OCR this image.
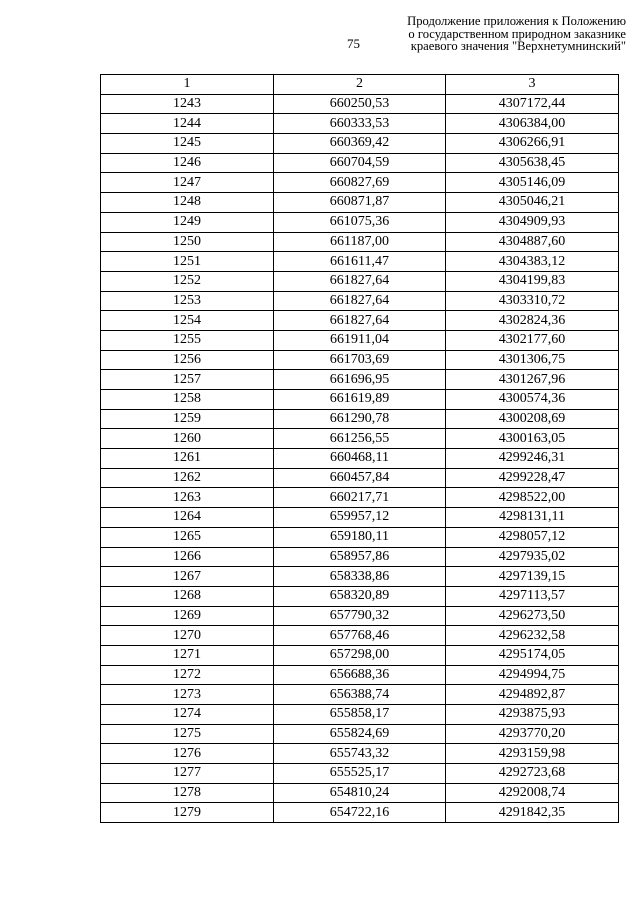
75
Продолжение приложения к Положению
о государственном природном заказнике
краевого значения "Верхнетумнинский"
1	2	3
1243	660250,53	4307172,44
1244	660333,53	4306384,00
1245	660369,42	4306266,91
1246	660704,59	4305638,45
1247	660827,69	4305146,09
1248	660871,87	4305046,21
1249	661075,36	4304909,93
1250	661187,00	4304887,60
1251	661611,47	4304383,12
1252	661827,64	4304199,83
1253	661827,64	4303310,72
1254	661827,64	4302824,36
1255	661911,04	4302177,60
1256	661703,69	4301306,75
1257	661696,95	4301267,96
1258	661619,89	4300574,36
1259	661290,78	4300208,69
1260	661256,55	4300163,05
1261	660468,11	4299246,31
1262	660457,84	4299228,47
1263	660217,71	4298522,00
1264	659957,12	4298131,11
1265	659180,11	4298057,12
1266	658957,86	4297935,02
1267	658338,86	4297139,15
1268	658320,89	4297113,57
1269	657790,32	4296273,50
1270	657768,46	4296232,58
1271	657298,00	4295174,05
1272	656688,36	4294994,75
1273	656388,74	4294892,87
1274	655858,17	4293875,93
1275	655824,69	4293770,20
1276	655743,32	4293159,98
1277	655525,17	4292723,68
1278	654810,24	4292008,74
1279	654722,16	4291842,35
